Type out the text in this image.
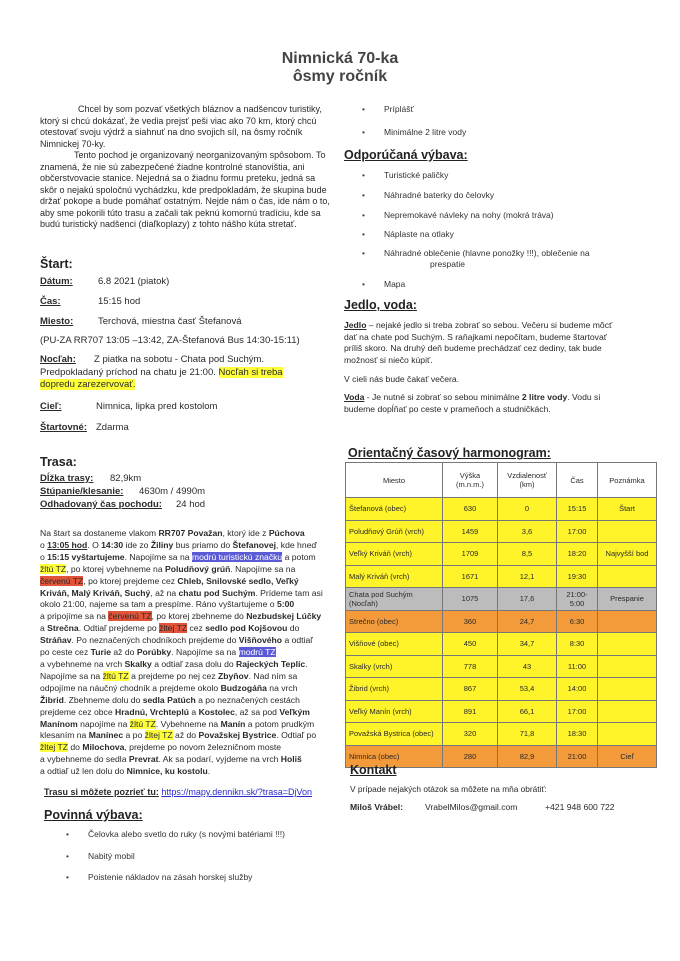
Nimnická 70-ka
ôsmy ročník
Chcel by som pozvať všetkých bláznov a nadšencov turistiky,
ktorý si chcú dokázať, že vedia prejsť peši viac ako 70 km, ktorý chcú
otestovať svoju výdrž a siahnuť na dno svojich síl, na ôsmy ročník
Nimnickej 70-ky.
Tento pochod je organizovaný neorganizovaným spôsobom. To
znamená, že nie sú zabezpečené žiadne kontrolné stanovištia, ani
občerstvovacie stanice. Nejedná sa o žiadnu formu preteku, jedná sa
skôr o nejakú spoločnú vychádzku, kde predpokladám, že skupina bude
držať pokope a bude pomáhať ostatným. Nejde nám o čas, ide nám o to,
aby sme pokorili túto trasu a začali tak peknú komornú tradíciu, kde sa
budú turistický nadšenci (diaľkoplazy) z tohto nášho kúta stretať.
Štart:
Dátum:	6.8 2021 (piatok)
Čas:	15:15 hod
Miesto:	Terchová, miestna časť Štefanová
(PU-ZA RR707 13:05 –13:42, ZA-Štefanová Bus 14:30-15:11)
Nocľah: Z piatka na sobotu - Chata pod Suchým.
Predpokladaný príchod na chatu je 21:00. Nocľah si treba
dopredu zarezervovať.
Cieľ:	Nimnica, lipka pred kostolom
Štartovné: Zdarma
Trasa:
Dĺžka trasy: 82,9km
Stúpanie/klesanie: 4630m / 4990m
Odhadovaný čas pochodu: 24 hod
Na štart sa dostaneme vlakom RR707 Považan, ktorý ide z Púchova
o 13:05 hod. O 14:30 ide zo Žiliny bus priamo do Štefanovej, kde hneď
o 15:15 vyštartujeme. Napojíme sa na modrú turistickú značku a potom
žltú TZ, po ktorej vybehneme na Poludňový grúň. Napojíme sa na
červenú TZ, po ktorej prejdeme cez Chleb, Snilovské sedlo, Veľký
Kriváň, Malý Kriváň, Suchý, až na chatu pod Suchým. Prídeme tam asi
okolo 21:00, najeme sa tam a prespíme. Ráno vyštartujeme o 5:00
a pripojíme sa na červenú TZ, po ktorej zbehneme do Nezbudskej Lúčky
a Strečna. Odtiaľ prejdeme po žltej TZ cez sedlo pod Kojšovou do
Stráňav. Po neznačených chodníkoch prejdeme do Višňového a odtiaľ
po ceste cez Turie až do Porúbky. Napojíme sa na modrú TZ
a vybehneme na vrch Skalky a odtiaľ zasa dolu do Rajeckých Teplíc.
Napojíme sa na žltú TZ a prejdeme po nej cez Zbyňov. Nad ním sa
odpojíme na náučný chodník a prejdeme okolo Budzogáňa na vrch
Žibrid. Zbehneme dolu do sedla Patúch a po neznačených cestách
prejdeme cez obce Hradnú, Vrchteplú a Kostolec, až sa pod Veľkým
Manínom napojíme na žltú TZ. Vybehneme na Manín a potom prudkým
klesaním na Manínec a po žltej TZ až do Považskej Bystrice. Odtiaľ po
žltej TZ do Milochova, prejdeme po novom železničnom moste
a vybehneme do sedla Prevrat. Ak sa podarí, vyjdeme na vrch Holiš
a odtiaľ už len dolu do Nimnice, ku kostolu.
Trasu si môžete pozrieť tu: https://mapy.dennikn.sk/?trasa=DjVon
Povinná výbava:
• Čelovka alebo svetlo do ruky (s novými batériami !!!)
• Nabitý mobil
• Poistenie nákladov na zásah horskej služby
• Príplášť
• Minimálne 2 litre vody
Odporúčaná výbava:
• Turistické paličky
• Náhradné baterky do čelovky
• Nepremokavé návleky na nohy (mokrá tráva)
• Náplaste na otlaky
• Náhradné oblečenie (hlavne ponožky !!!), oblečenie na
prespatie
• Mapa
Jedlo, voda:
Jedlo – nejaké jedlo si treba zobrať so sebou. Večeru si budeme môcť
dať na chate pod Suchým. S raňajkami nepočítam, budeme štartovať
príliš skoro. Na druhý deň budeme prechádzať cez dediny, tak bude
možnosť si niečo kúpiť.
V cieli nás bude čakať večera.
Voda - Je nutné si zobrať so sebou minimálne 2 litre vody. Vodu si
budeme dopĺňať po ceste v prameňoch a studničkách.
Orientačný časový harmonogram:
Miesto	Výška (m.n.m.)	Vzdialenosť (km)	Čas	Poznámka
Štefanová (obec)	630	0	15:15	Štart
Poludňový Grúň (vrch)	1459	3,6	17:00	
Veľký Kriváň (vrch)	1709	8,5	18:20	Najvyšší bod
Malý Kriváň (vrch)	1671	12,1	19:30	
Chata pod Suchým (Nocľah)	1075	17,6	21:00- 5:00	Prespanie
Strečno (obec)	360	24,7	6:30	
Višňové (obec)	450	34,7	8:30	
Skalky (vrch)	778	43	11:00	
Žibrid (vrch)	867	53,4	14:00	
Veľký Manín (vrch)	891	66,1	17:00	
Považská Bystrica (obec)	320	71,8	18:30	
Nimnica (obec)	280	82,9	21:00	Cieľ
Kontakt
V prípade nejakých otázok sa môžete na mňa obrátiť:
Miloš Vrábel:	VrabelMilos@gmail.com	+421 948 600 722
